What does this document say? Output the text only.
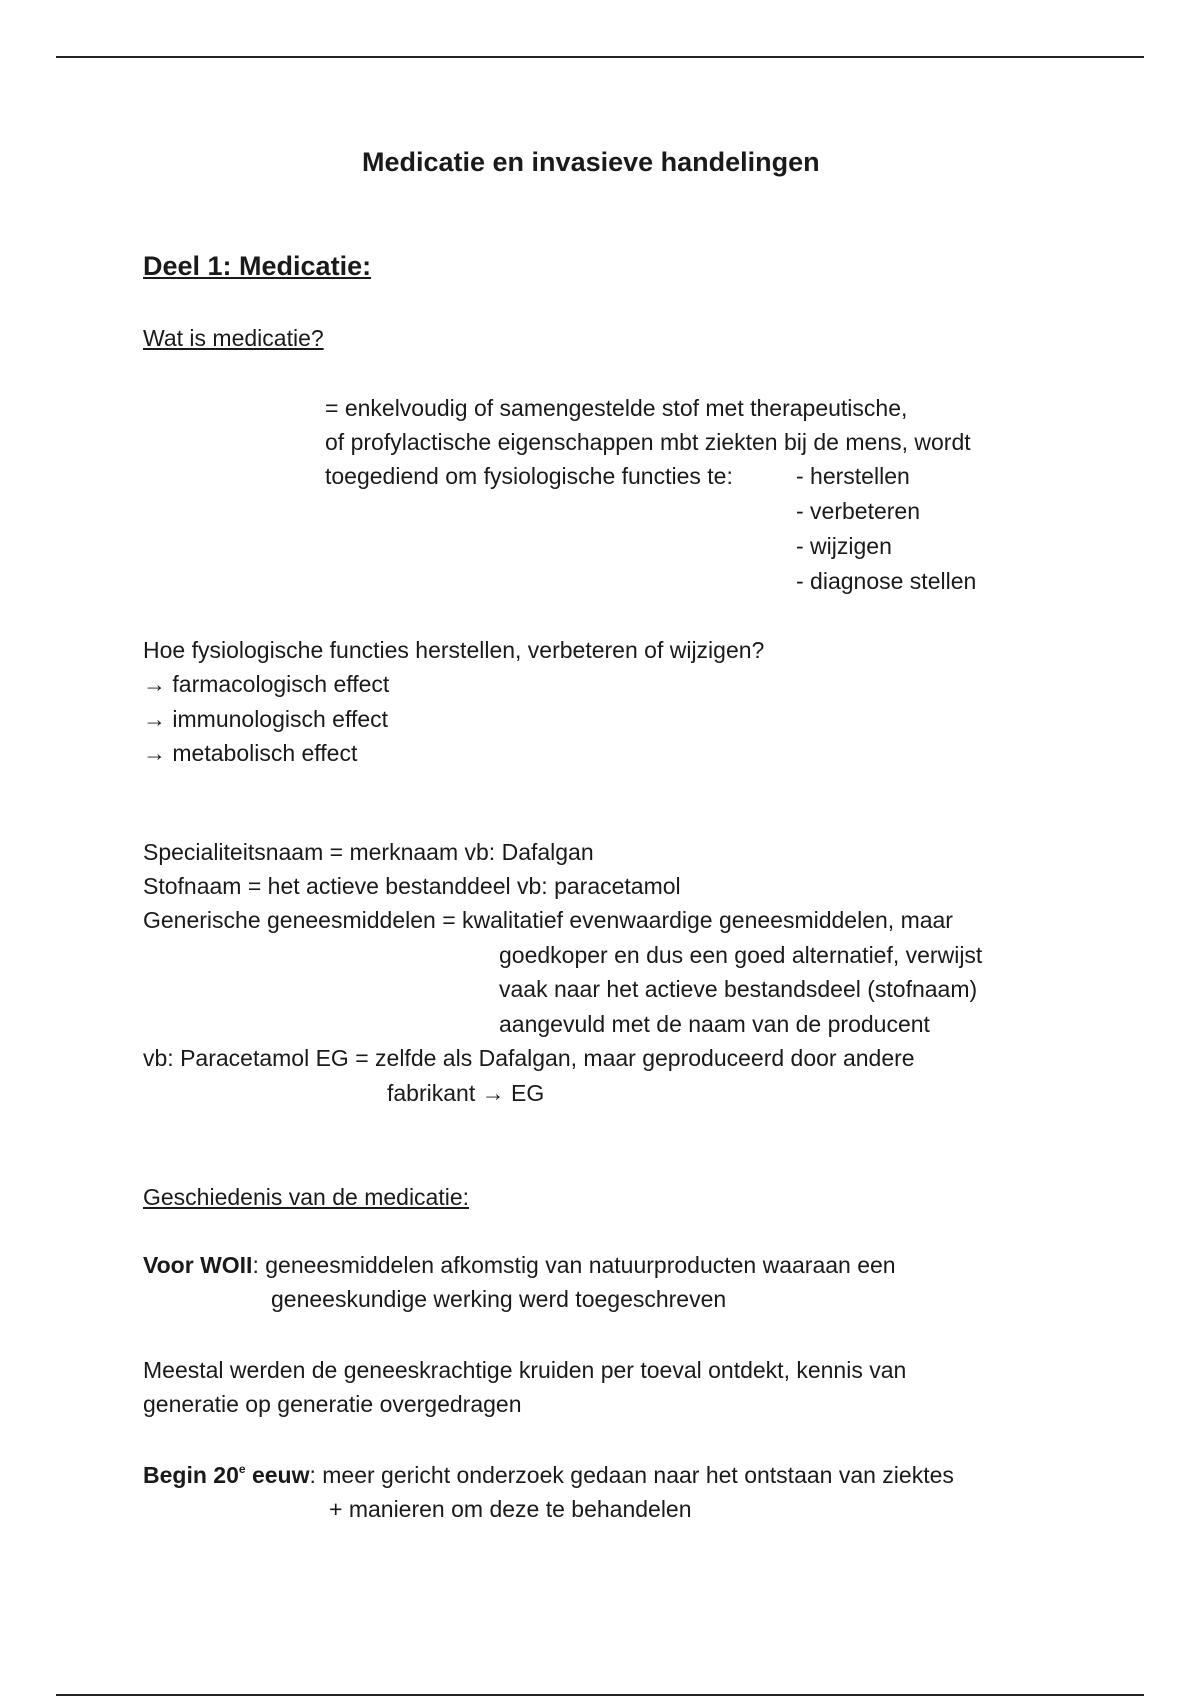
Medicatie en invasieve handelingen
Deel 1: Medicatie:
Wat is medicatie?
= enkelvoudig of samengestelde stof met therapeutische,
of profylactische eigenschappen mbt ziekten bij de mens, wordt
toegediend om fysiologische functies te:	- herstellen
- verbeteren
- wijzigen
- diagnose stellen
Hoe fysiologische functies herstellen, verbeteren of wijzigen?
→ farmacologisch effect
→ immunologisch effect
→ metabolisch effect
Specialiteitsnaam = merknaam vb: Dafalgan
Stofnaam = het actieve bestanddeel vb: paracetamol
Generische geneesmiddelen = kwalitatief evenwaardige geneesmiddelen, maar
goedkoper en dus een goed alternatief, verwijst
vaak naar het actieve bestandsdeel (stofnaam)
aangevuld met de naam van de producent
vb: Paracetamol EG = zelfde als Dafalgan, maar geproduceerd door andere
fabrikant → EG
Geschiedenis van de medicatie:
Voor WOII: geneesmiddelen afkomstig van natuurproducten waaraan een
geneeskundige werking werd toegeschreven
Meestal werden de geneeskrachtige kruiden per toeval ontdekt, kennis van
generatie op generatie overgedragen
Begin 20e eeuw: meer gericht onderzoek gedaan naar het ontstaan van ziektes
+ manieren om deze te behandelen
